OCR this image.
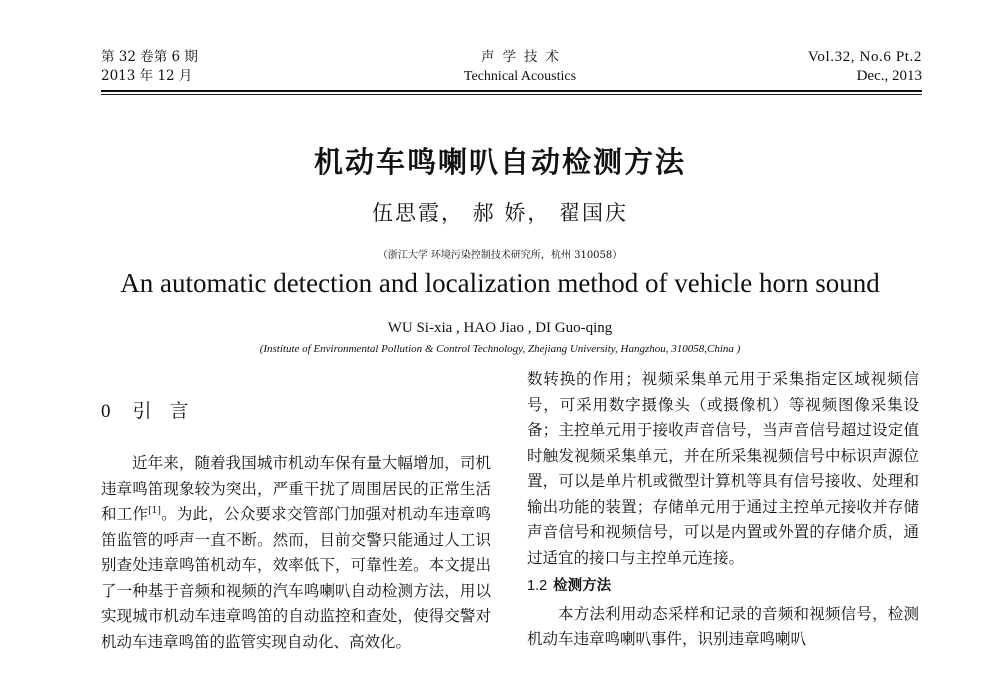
第 32 卷第 6 期
2013 年 12 月
声学技术
Technical Acoustics
Vol.32, No.6 Pt.2
Dec., 2013
机动车鸣喇叭自动检测方法
伍思霞， 郝 娇， 翟国庆
（浙江大学 环境污染控制技术研究所，杭州 310058）
An automatic detection and localization method of vehicle horn sound
WU Si-xia , HAO Jiao , DI Guo-qing
(Institute of Environmental Pollution & Control Technology, Zhejiang University, Hangzhou, 310058,China )
0 引 言

近年来，随着我国城市机动车保有量大幅增加，司机违章鸣笛现象较为突出，严重干扰了周围居民的正常生活和工作[1]。为此，公众要求交管部门加强对机动车违章鸣笛监管的呼声一直不断。然而，目前交警只能通过人工识别查处违章鸣笛机动车，效率低下，可靠性差。本文提出了一种基于音频和视频的汽车鸣喇叭自动检测方法，用以实现城市机动车违章鸣笛的自动监控和查处，使得交警对机动车违章鸣笛的监管实现自动化、高效化。

数转换的作用；视频采集单元用于采集指定区域视频信号，可采用数字摄像头（或摄像机）等视频图像采集设备；主控单元用于接收声音信号，当声音信号超过设定值时触发视频采集单元，并在所采集视频信号中标识声源位置，可以是单片机或微型计算机等具有信号接收、处理和输出功能的装置；存储单元用于通过主控单元接收并存储声音信号和视频信号，可以是内置或外置的存储介质，通过适宜的接口与主控单元连接。

1.2 检测方法

本方法利用动态采样和记录的音频和视频信号，检测机动车违章鸣喇叭事件，识别违章鸣喇叭
